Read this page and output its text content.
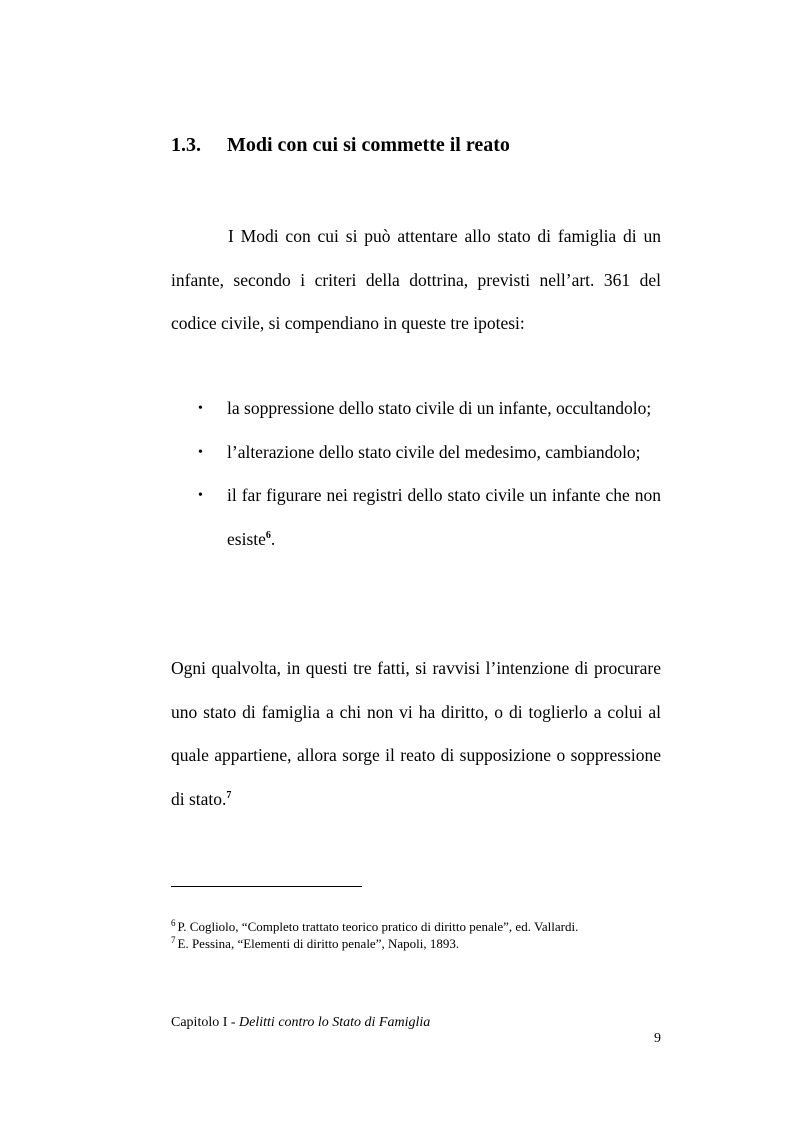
1.3. Modi con cui si commette il reato

I Modi con cui si può attentare allo stato di famiglia di un infante, secondo i criteri della dottrina, previsti nell’art. 361 del codice civile, si compendiano in queste tre ipotesi:

• la soppressione dello stato civile di un infante, occultandolo;
• l’alterazione dello stato civile del medesimo, cambiandolo;
• il far figurare nei registri dello stato civile un infante che non esiste$^6$.

Ogni qualvolta, in questi tre fatti, si ravvisi l’intenzione di procurare uno stato di famiglia a chi non vi ha diritto, o di toglierlo a colui al quale appartiene, allora sorge il reato di supposizione o soppressione di stato.$^7$

$^6$ P. Cogliolo, “Completo trattato teorico pratico di diritto penale”, ed. Vallardi.
$^7$ E. Pessina, “Elementi di diritto penale”, Napoli, 1893.
Capitolo I - Delitti contro lo Stato di Famiglia
9
